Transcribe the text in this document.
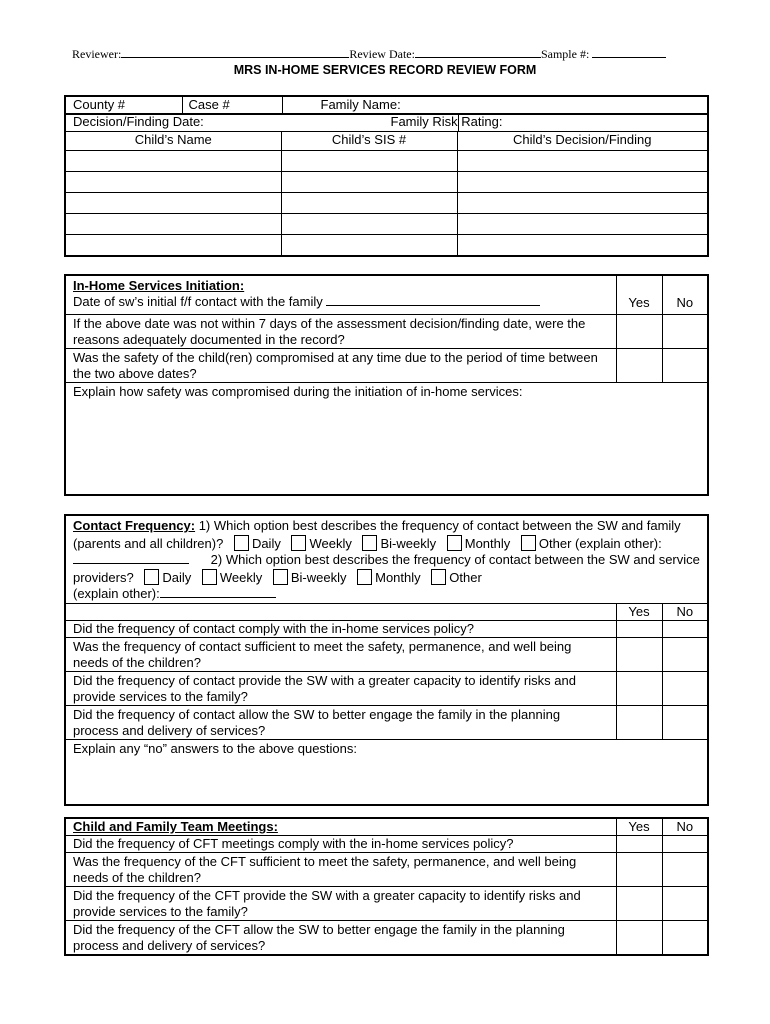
Reviewer:	Review Date:	Sample #:
MRS IN-HOME SERVICES RECORD REVIEW FORM
County #	Case #	Family Name:
Decision/Finding Date:	Family Risk Rating:
Child’s Name	Child’s SIS #	Child’s Decision/Finding

In-Home Services Initiation:
Date of sw’s initial f/f contact with the family	Yes	No
If the above date was not within 7 days of the assessment decision/finding date, were the reasons adequately documented in the record?		
Was the safety of the child(ren) compromised at any time due to the period of time between the two above dates?		
Explain how safety was compromised during the initiation of in-home services:		
Contact Frequency: 1) Which option best describes the frequency of contact between the SW and family (parents and all children)? Daily Weekly Bi-weekly Monthly Other (explain other):      2) Which option best describes the frequency of contact between the SW and service providers? Daily Weekly Bi-weekly Monthly Other
(explain other):		
	Yes	No
Did the frequency of contact comply with the in-home services policy?		
Was the frequency of contact sufficient to meet the safety, permanence, and well being needs of the children?		
Did the frequency of contact provide the SW with a greater capacity to identify risks and provide services to the family?		
Did the frequency of contact allow the SW to better engage the family in the planning process and delivery of services?		
Explain any “no” answers to the above questions:		
Child and Family Team Meetings:	Yes	No
Did the frequency of CFT meetings comply with the in-home services policy?		
Was the frequency of the CFT sufficient to meet the safety, permanence, and well being needs of the children?		
Did the frequency of the CFT provide the SW with a greater capacity to identify risks and provide services to the family?		
Did the frequency of the CFT allow the SW to better engage the family in the planning process and delivery of services?		
